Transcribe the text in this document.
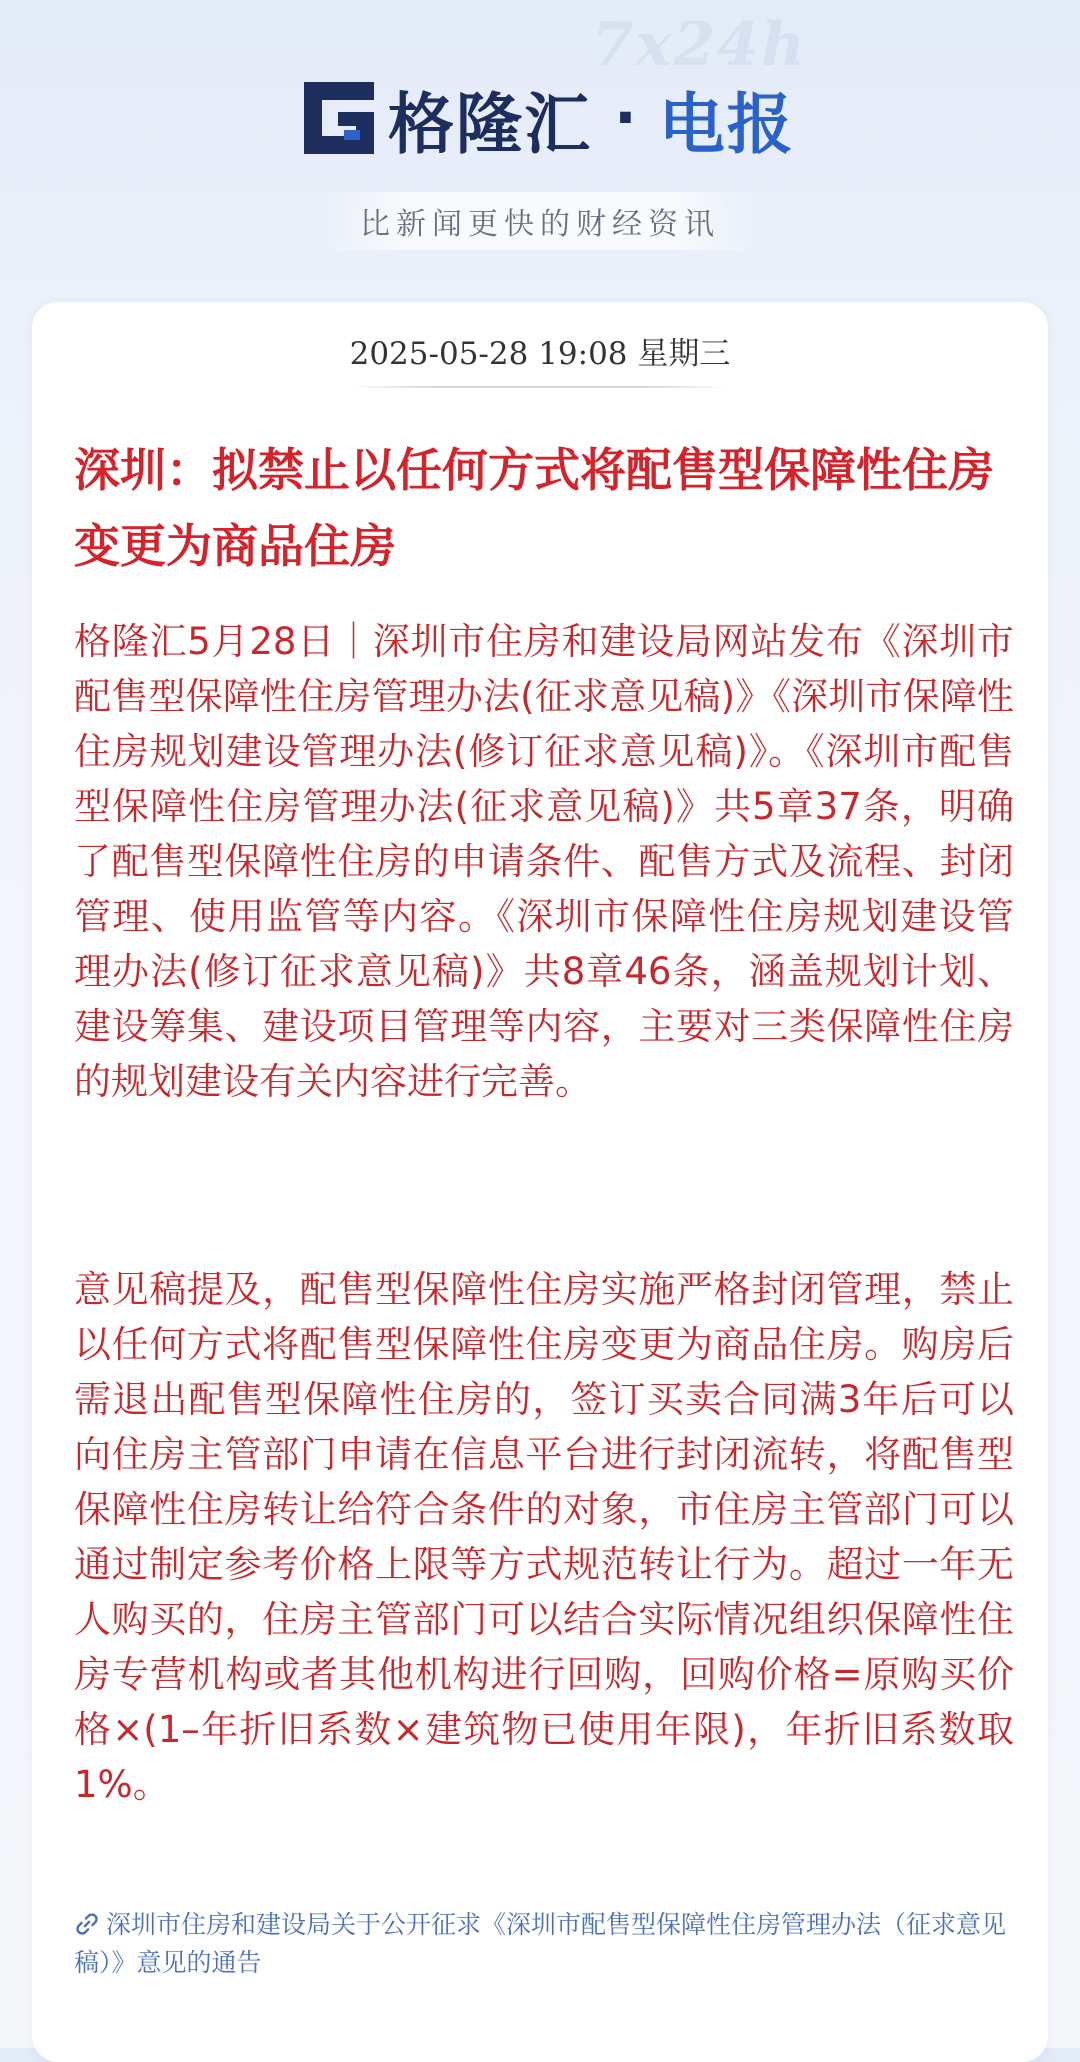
7x24h
格隆汇 · 电报
比新闻更快的财经资讯
2025-05-28 19:08 星期三
深圳：拟禁止以任何方式将配售型保障性住房变更为商品住房

格隆汇5月28日｜深圳市住房和建设局网站发布《深圳市配售型保障性住房管理办法(征求意见稿)》《深圳市保障性住房规划建设管理办法(修订征求意见稿)》。《深圳市配售型保障性住房管理办法(征求意见稿)》共5章37条，明确了配售型保障性住房的申请条件、配售方式及流程、封闭管理、使用监管等内容。《深圳市保障性住房规划建设管理办法(修订征求意见稿)》共8章46条，涵盖规划计划、建设筹集、建设项目管理等内容，主要对三类保障性住房的规划建设有关内容进行完善。

意见稿提及，配售型保障性住房实施严格封闭管理，禁止以任何方式将配售型保障性住房变更为商品住房。购房后需退出配售型保障性住房的，签订买卖合同满3年后可以向住房主管部门申请在信息平台进行封闭流转，将配售型保障性住房转让给符合条件的对象，市住房主管部门可以通过制定参考价格上限等方式规范转让行为。超过一年无人购买的，住房主管部门可以结合实际情况组织保障性住房专营机构或者其他机构进行回购，回购价格=原购买价格×(1–年折旧系数×建筑物已使用年限)，年折旧系数取1%。

深圳市住房和建设局关于公开征求《深圳市配售型保障性住房管理办法（征求意见稿）》意见的通告
